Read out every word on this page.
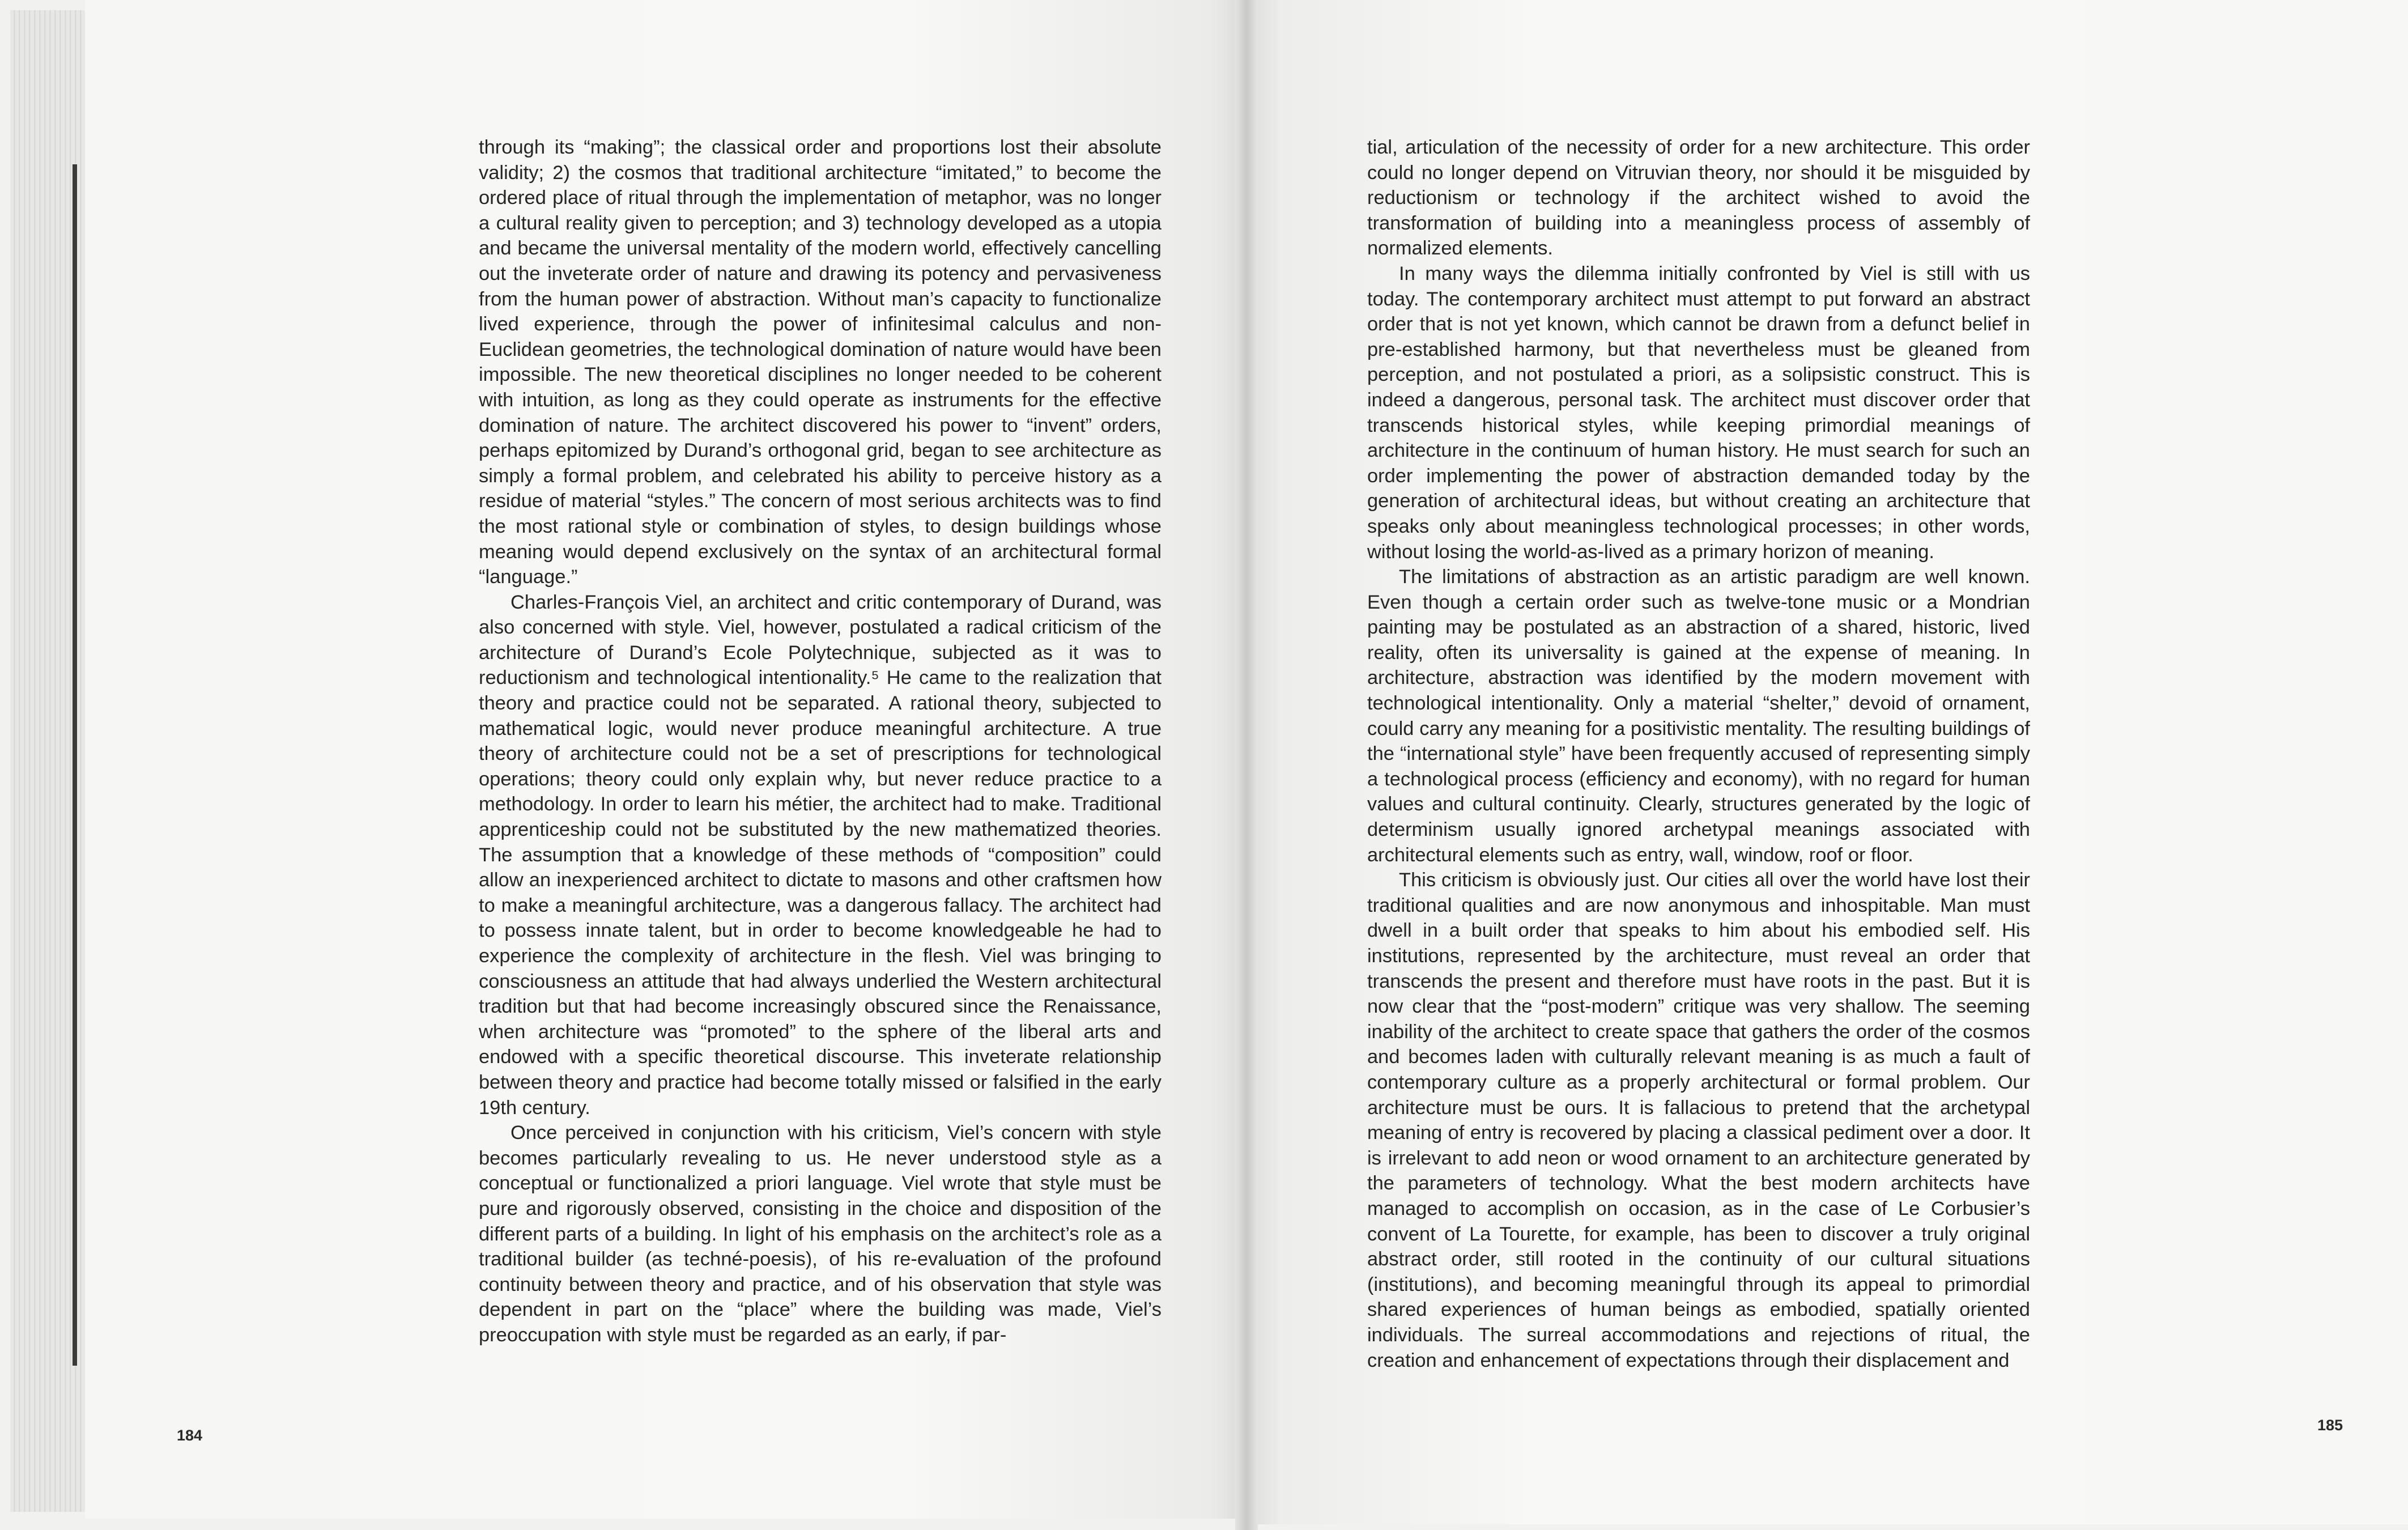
through its “making”; the classical order and proportions lost their absolute validity; 2) the cosmos that traditional architecture “imitated,” to become the ordered place of ritual through the implementation of metaphor, was no longer a cultural reality given to perception; and 3) technology developed as a utopia and became the universal mentality of the modern world, effectively cancelling out the inveterate order of nature and drawing its potency and pervasiveness from the human power of abstraction. Without man’s capacity to functionalize lived experience, through the power of infinitesimal calculus and non-Euclidean geometries, the technological domination of nature would have been impossible. The new theoretical disciplines no longer needed to be coherent with intuition, as long as they could operate as instruments for the effective domination of nature. The architect discovered his power to “invent” orders, perhaps epitomized by Durand’s orthogonal grid, began to see architecture as simply a formal problem, and celebrated his ability to perceive history as a residue of material “styles.” The concern of most serious architects was to find the most rational style or combination of styles, to design buildings whose meaning would depend exclusively on the syntax of an architectural formal “language.”

Charles-François Viel, an architect and critic contemporary of Durand, was also concerned with style. Viel, however, postulated a radical criticism of the architecture of Durand’s Ecole Polytechnique, subjected as it was to reductionism and technological intentionality.⁵ He came to the realization that theory and practice could not be separated. A rational theory, subjected to mathematical logic, would never produce meaningful architecture. A true theory of architecture could not be a set of prescriptions for technological operations; theory could only explain why, but never reduce practice to a methodology. In order to learn his métier, the architect had to make. Traditional apprenticeship could not be substituted by the new mathematized theories. The assumption that a knowledge of these methods of “composition” could allow an inexperienced architect to dictate to masons and other craftsmen how to make a meaningful architecture, was a dangerous fallacy. The architect had to possess innate talent, but in order to become knowledgeable he had to experience the complexity of architecture in the flesh. Viel was bringing to consciousness an attitude that had always underlied the Western architectural tradition but that had become increasingly obscured since the Renaissance, when architecture was “promoted” to the sphere of the liberal arts and endowed with a specific theoretical discourse. This inveterate relationship between theory and practice had become totally missed or falsified in the early 19th century.

Once perceived in conjunction with his criticism, Viel’s concern with style becomes particularly revealing to us. He never understood style as a conceptual or functionalized a priori language. Viel wrote that style must be pure and rigorously observed, consisting in the choice and disposition of the different parts of a building. In light of his emphasis on the architect’s role as a traditional builder (as techné-poesis), of his re-evaluation of the profound continuity between theory and practice, and of his observation that style was dependent in part on the “place” where the building was made, Viel’s preoccupation with style must be regarded as an early, if par-

tial, articulation of the necessity of order for a new architecture. This order could no longer depend on Vitruvian theory, nor should it be misguided by reductionism or technology if the architect wished to avoid the transformation of building into a meaningless process of assembly of normalized elements.

In many ways the dilemma initially confronted by Viel is still with us today. The contemporary architect must attempt to put forward an abstract order that is not yet known, which cannot be drawn from a defunct belief in pre-established harmony, but that nevertheless must be gleaned from perception, and not postulated a priori, as a solipsistic construct. This is indeed a dangerous, personal task. The architect must discover order that transcends historical styles, while keeping primordial meanings of architecture in the continuum of human history. He must search for such an order implementing the power of abstraction demanded today by the generation of architectural ideas, but without creating an architecture that speaks only about meaningless technological processes; in other words, without losing the world-as-lived as a primary horizon of meaning.

The limitations of abstraction as an artistic paradigm are well known. Even though a certain order such as twelve-tone music or a Mondrian painting may be postulated as an abstraction of a shared, historic, lived reality, often its universality is gained at the expense of meaning. In architecture, abstraction was identified by the modern movement with technological intentionality. Only a material “shelter,” devoid of ornament, could carry any meaning for a positivistic mentality. The resulting buildings of the “international style” have been frequently accused of representing simply a technological process (efficiency and economy), with no regard for human values and cultural continuity. Clearly, structures generated by the logic of determinism usually ignored archetypal meanings associated with architectural elements such as entry, wall, window, roof or floor.

This criticism is obviously just. Our cities all over the world have lost their traditional qualities and are now anonymous and inhospitable. Man must dwell in a built order that speaks to him about his embodied self. His institutions, represented by the architecture, must reveal an order that transcends the present and therefore must have roots in the past. But it is now clear that the “post-modern” critique was very shallow. The seeming inability of the architect to create space that gathers the order of the cosmos and becomes laden with culturally relevant meaning is as much a fault of contemporary culture as a properly architectural or formal problem. Our architecture must be ours. It is fallacious to pretend that the archetypal meaning of entry is recovered by placing a classical pediment over a door. It is irrelevant to add neon or wood ornament to an architecture generated by the parameters of technology. What the best modern architects have managed to accomplish on occasion, as in the case of Le Corbusier’s convent of La Tourette, for example, has been to discover a truly original abstract order, still rooted in the continuity of our cultural situations (institutions), and becoming meaningful through its appeal to primordial shared experiences of human beings as embodied, spatially oriented individuals. The surreal accommodations and rejections of ritual, the creation and enhancement of expectations through their displacement and

184
185
